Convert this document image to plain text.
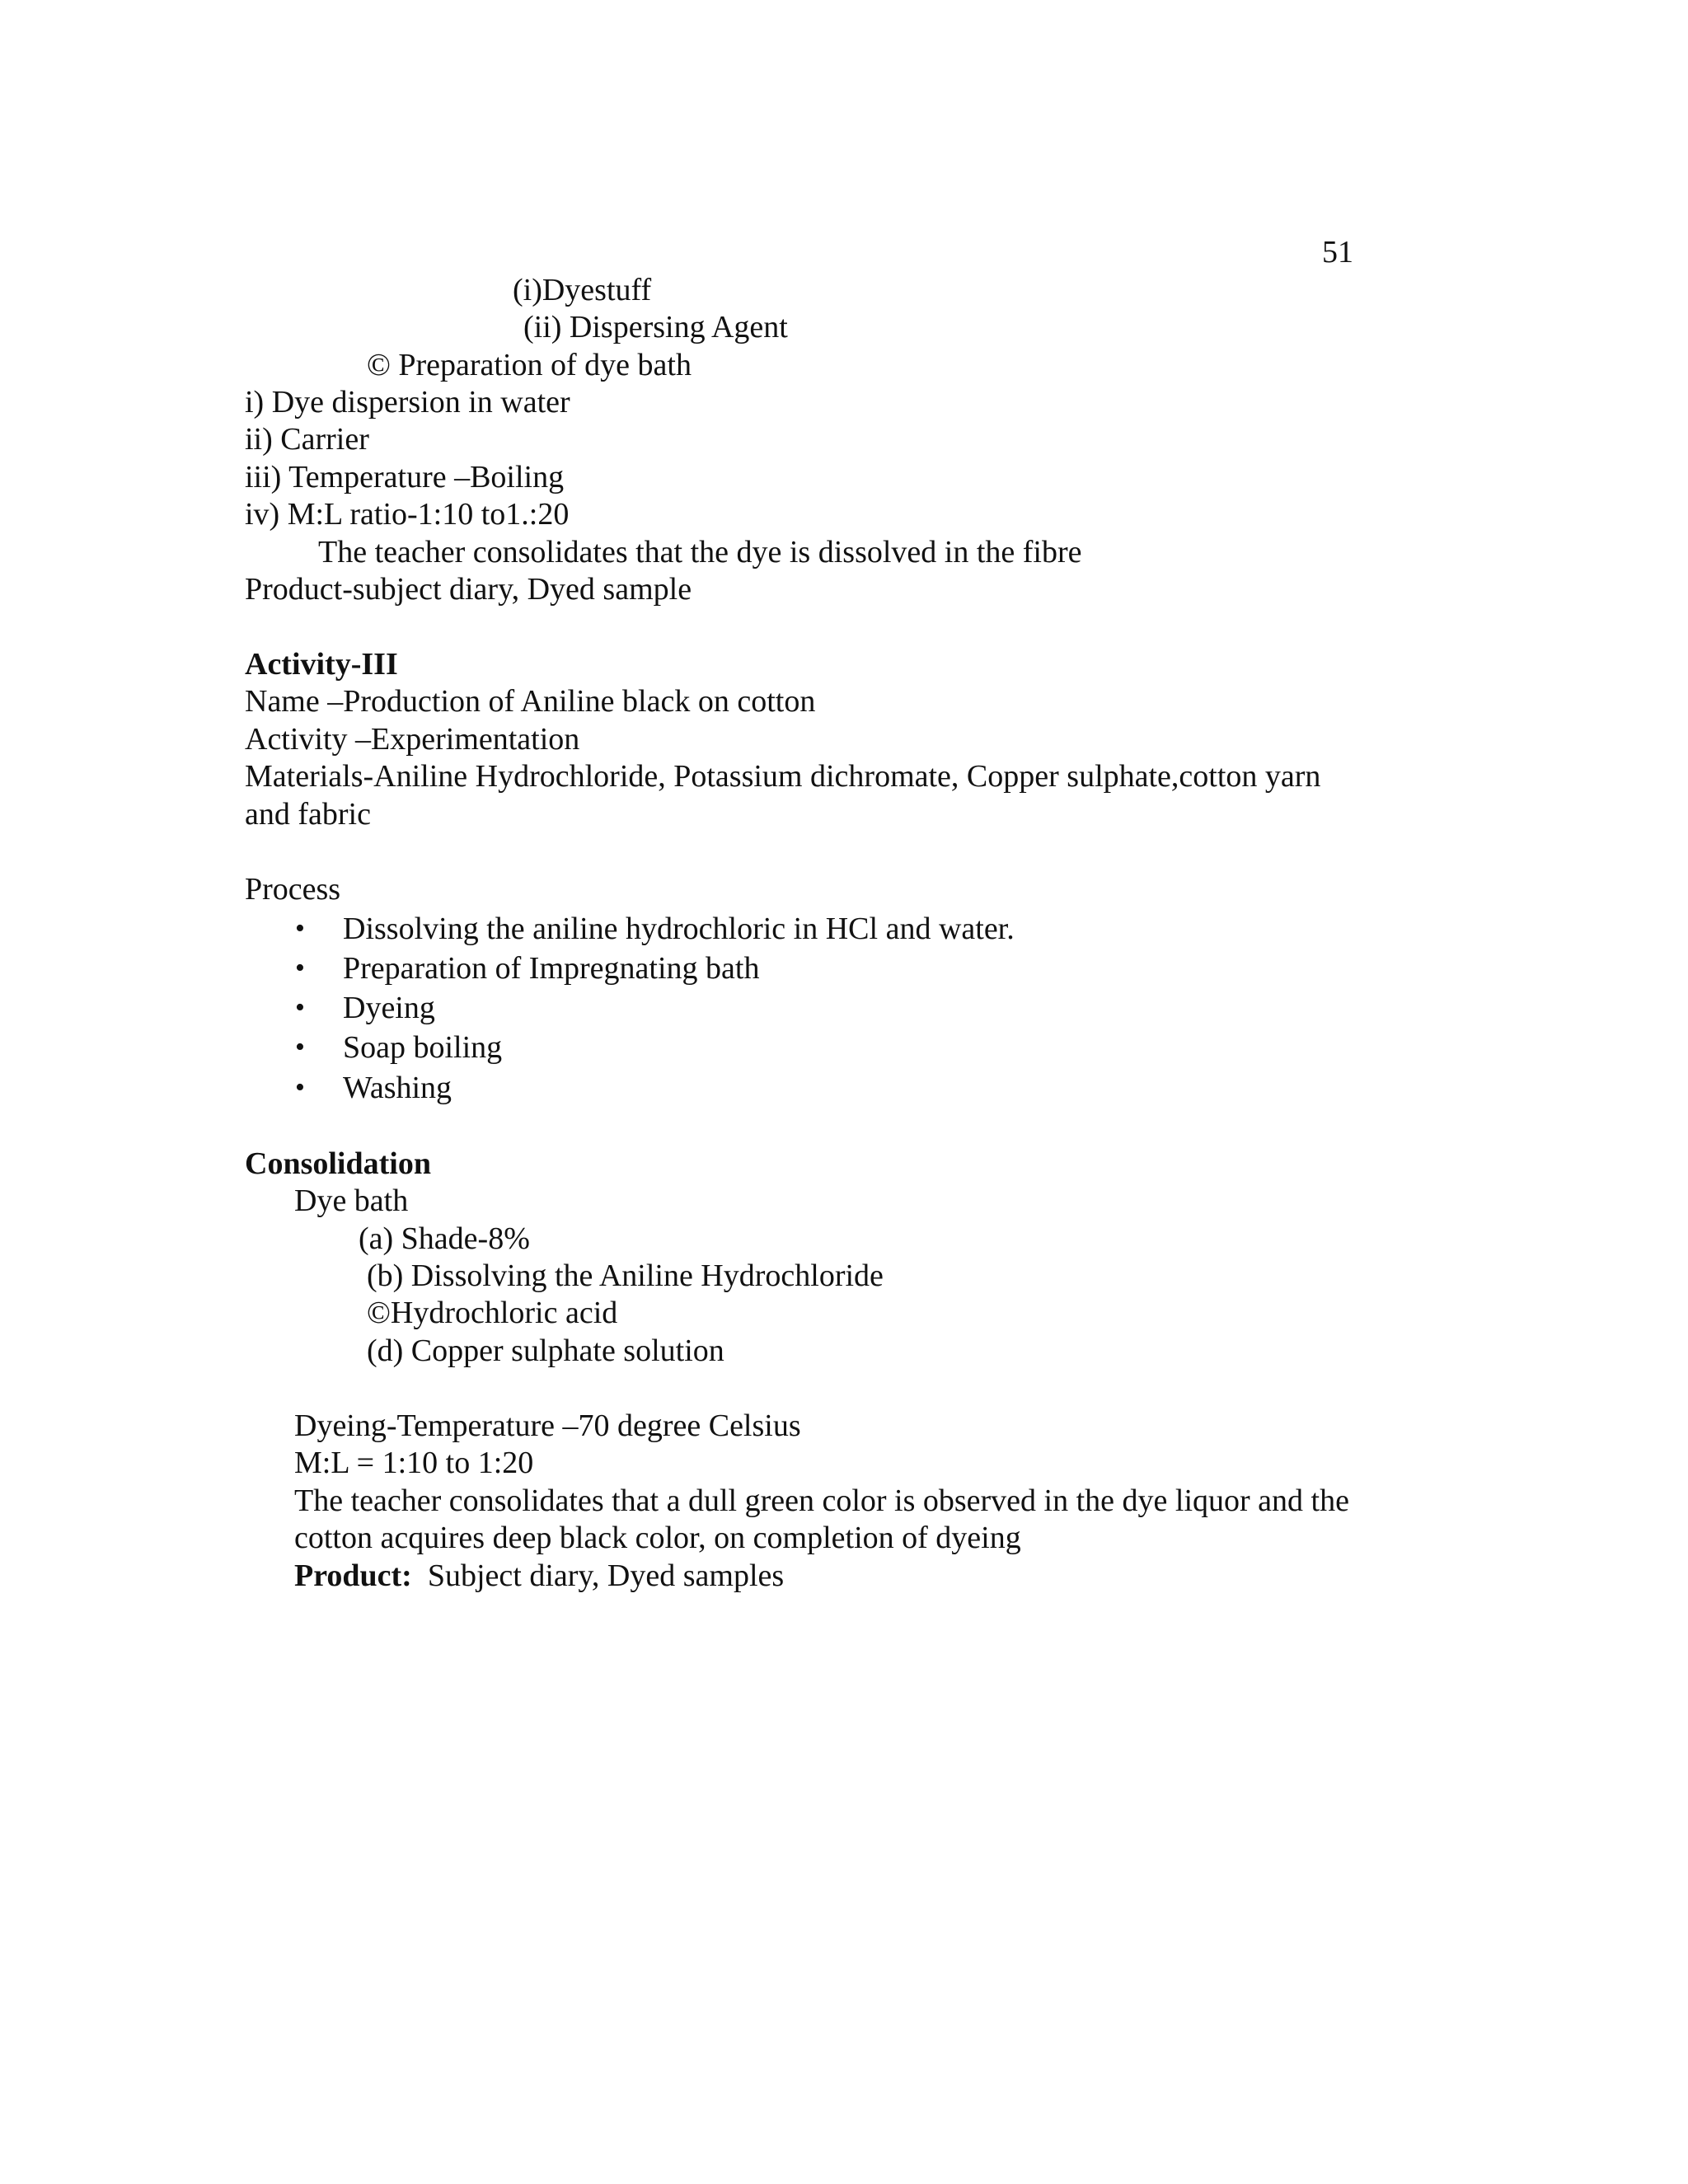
51

(i)Dyestuff

(ii) Dispersing Agent

© Preparation of dye bath

i) Dye dispersion in water

ii) Carrier

iii) Temperature –Boiling

iv) M:L ratio-1:10 to1.:20

The teacher consolidates that the dye is dissolved in the fibre

Product-subject diary, Dyed sample

Activity-III

Name –Production of Aniline black on cotton

Activity –Experimentation

Materials-Aniline Hydrochloride, Potassium dichromate, Copper sulphate,cotton yarn

and fabric

Process

• Dissolving the aniline hydrochloric in HCl and water.
• Preparation of Impregnating bath
• Dyeing
• Soap boiling
• Washing

Consolidation

Dye bath

(a) Shade-8%

(b) Dissolving the Aniline Hydrochloride

©Hydrochloric acid

(d) Copper sulphate solution

Dyeing-Temperature –70 degree Celsius

M:L = 1:10 to 1:20

The teacher consolidates that a dull green color is observed in the dye liquor and the

cotton acquires deep black color, on completion of dyeing

Product:  Subject diary, Dyed samples
